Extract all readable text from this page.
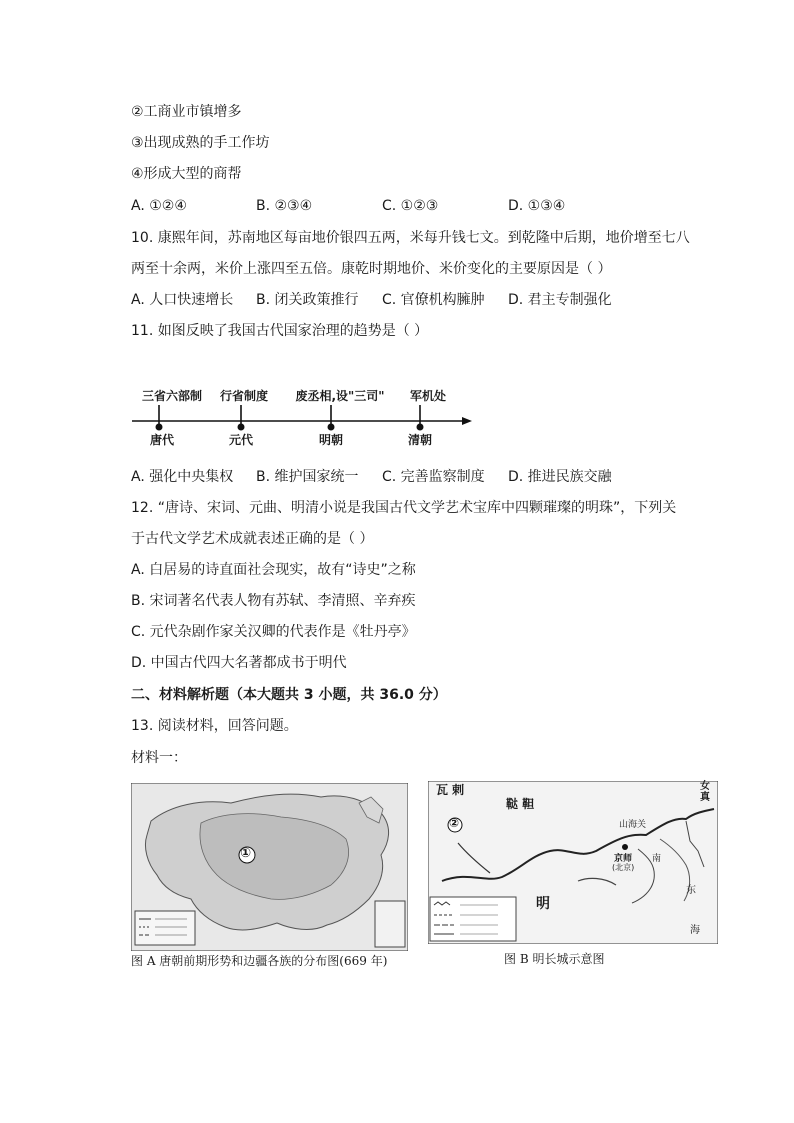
②工商业市镇增多
③出现成熟的手工作坊
④形成大型的商帮
A. ①②④	B. ②③④	C. ①②③	D. ①③④
10. 康熙年间，苏南地区每亩地价银四五两，米每升钱七文。到乾隆中后期，地价增至七八
两至十余两，米价上涨四至五倍。康乾时期地价、米价变化的主要原因是（ ）
A. 人口快速增长 B. 闭关政策推行 C. 官僚机构臃肿 D. 君主专制强化
11. 如图反映了我国古代国家治理的趋势是（ ）
三省六部制 行省制度 废丞相,设"三司" 军机处
唐代	元代	明朝	清朝
A. 强化中央集权 B. 维护国家统一 C. 完善监察制度 D. 推进民族交融
12. “唐诗、宋词、元曲、明清小说是我国古代文学艺术宝库中四颗璀璨的明珠”，下列关
于古代文学艺术成就表述正确的是（ ）
A. 白居易的诗直面社会现实，故有“诗史”之称
B. 宋词著名代表人物有苏轼、李清照、辛弃疾
C. 元代杂剧作家关汉卿的代表作是《牡丹亭》
D. 中国古代四大名著都成书于明代
二、材料解析题（本大题共 3 小题，共 36.0 分）
13. 阅读材料，回答问题。
材料一：
①
图 A 唐朝前期形势和边疆各族的分布图(669 年)
瓦 剌
鞑 靼
女
真
山海关
京师
(北京)
明
南
东
海
②
图 B 明长城示意图
